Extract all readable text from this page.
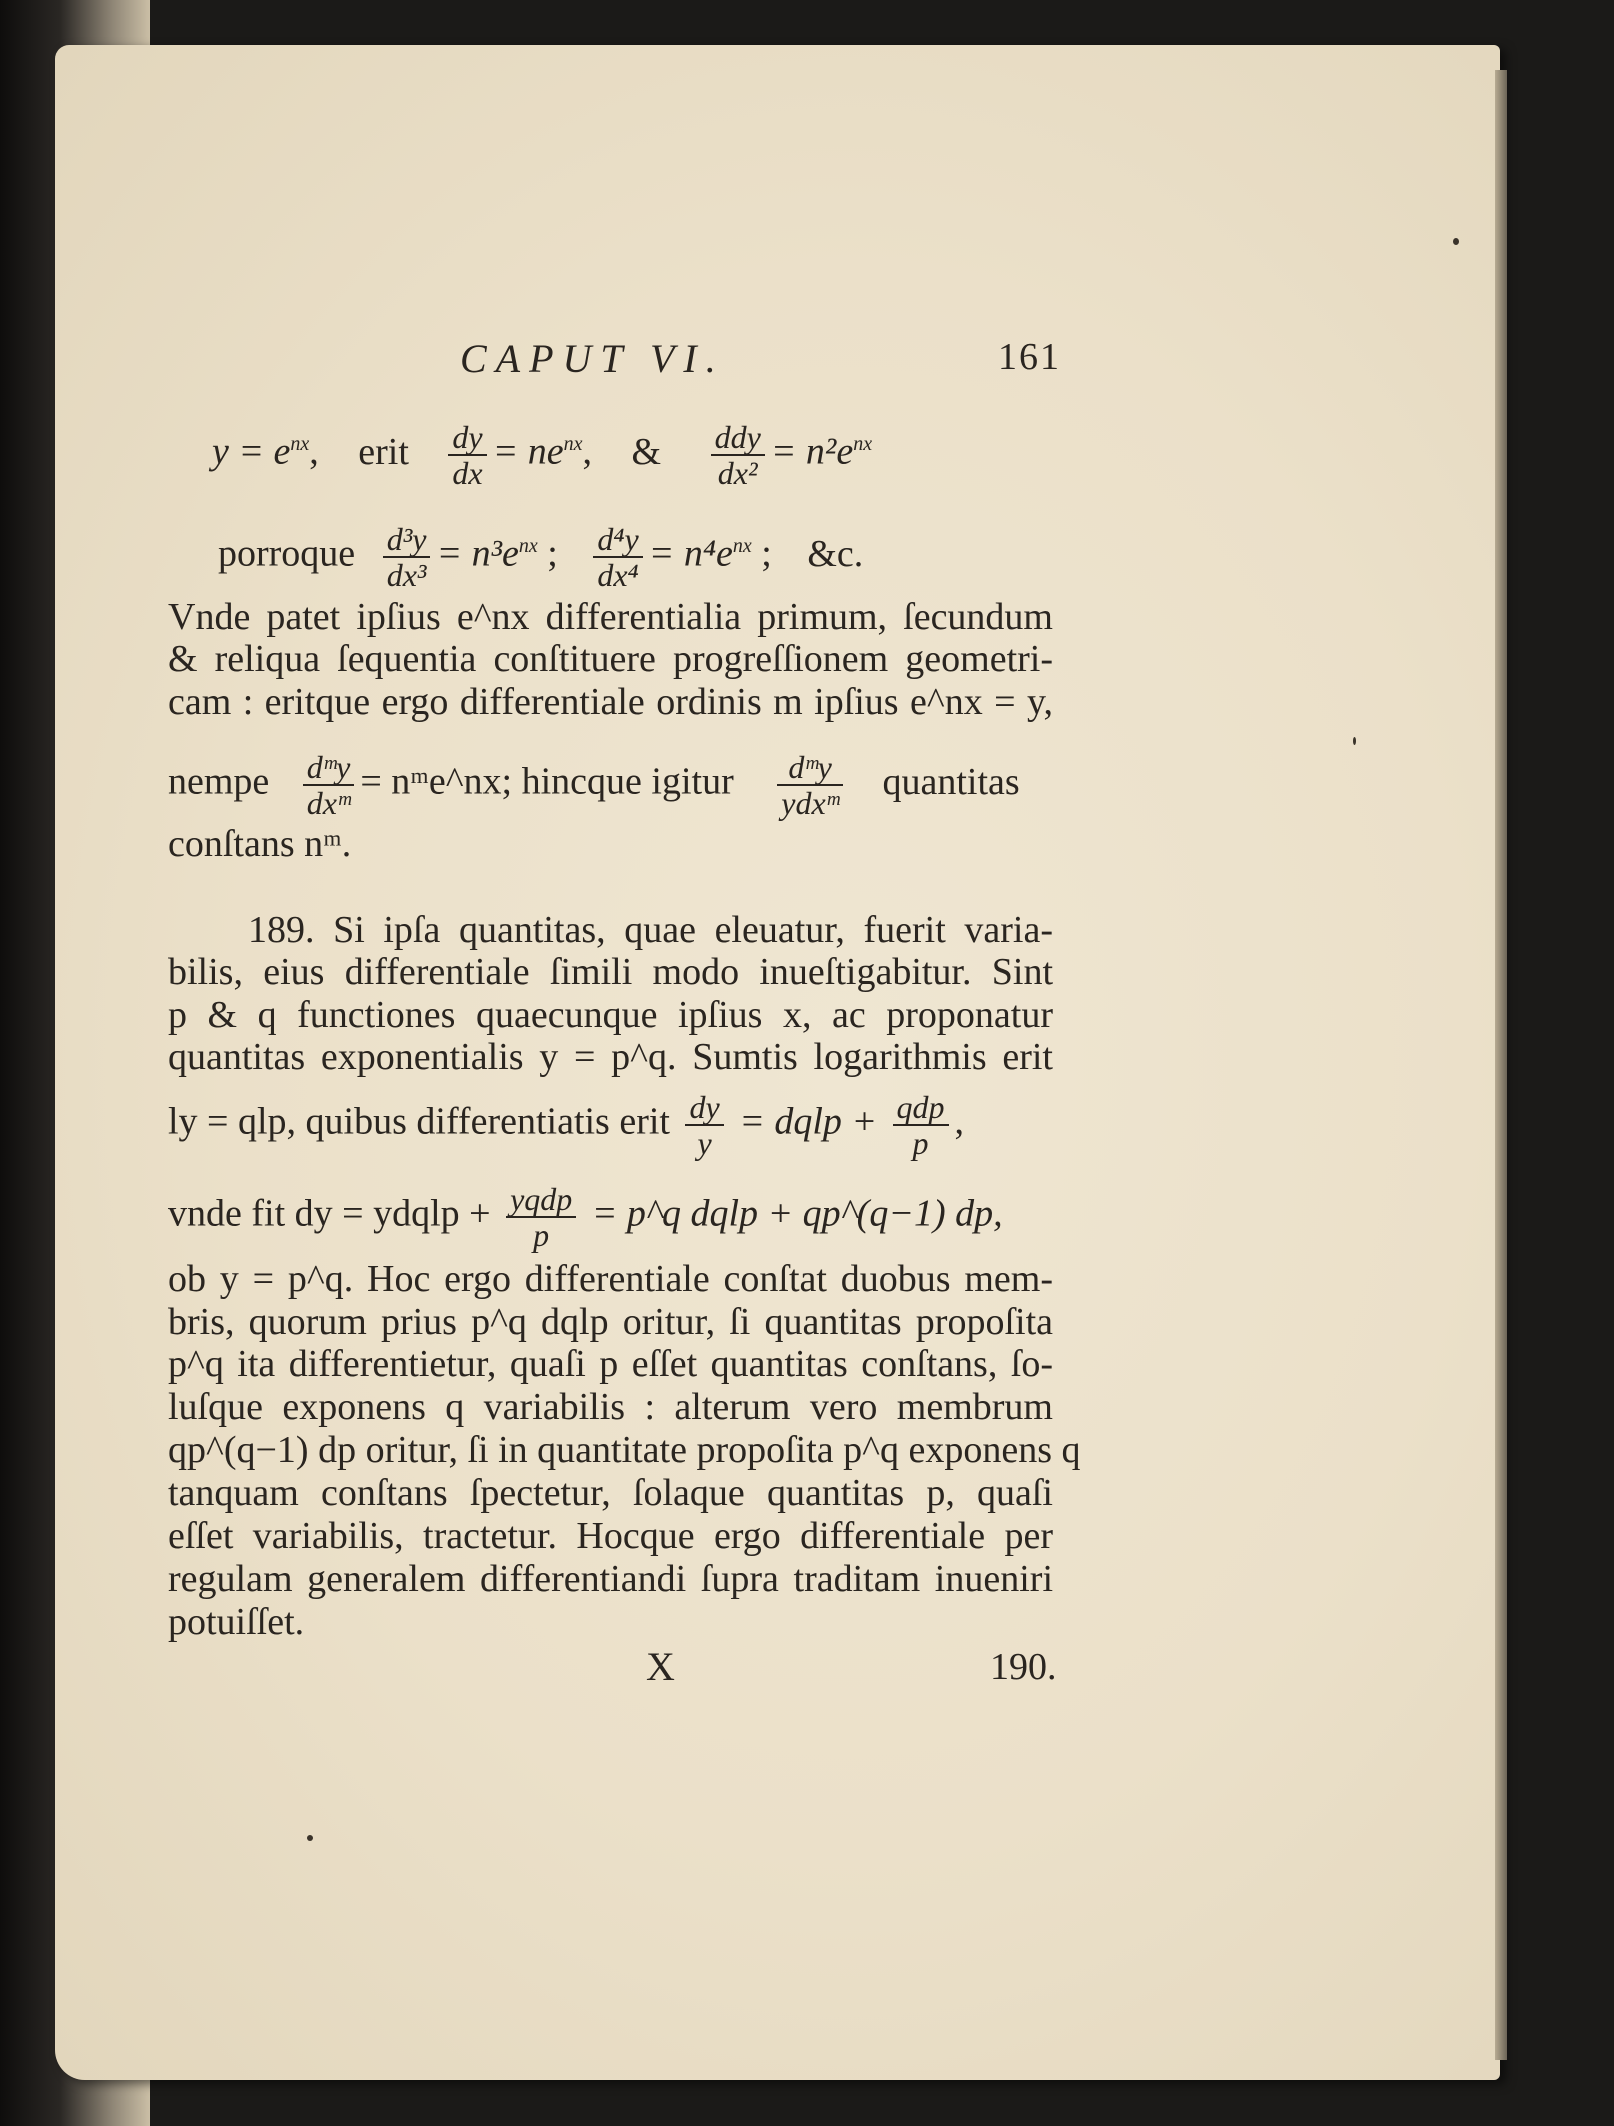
CAPUT VI.	161
$y = e^{nx}$, erit $\frac{dy}{dx} = ne^{nx}$, & $\frac{\text{ddy}}{\text{dx²}} = n^2e^{nx}$
porroque $\frac{\text{d³y}}{\text{dx³}} = n^3e^{nx}$ ; $\frac{\text{d⁴y}}{\text{dx⁴}} = n^4e^{nx}$ ; &c.
Vnde patet ipſius e^nx differentialia primum, ſecundum
& reliqua ſequentia conſtituere progreſſionem geometri-
cam : eritque ergo differentiale ordinis m ipſius e^nx = y,
nempe $\frac{\text{dᵐy}}{\text{dxᵐ}}$ = nᵐe^nx; hincque igitur $\frac{\text{dᵐy}}{\text{ydxᵐ}}$ quantitas
conſtans nᵐ.
189. Si ipſa quantitas, quae eleuatur, fuerit varia-
bilis, eius differentiale ſimili modo inueſtigabitur. Sint
p & q functiones quaecunque ipſius x, ac proponatur
quantitas exponentialis y = p^q. Sumtis logarithmis erit
ly = qlp, quibus differentiatis erit $\frac{dy}{y}$ = dqlp + $\frac{\text{qdp}}{p}$ ,
vnde fit dy = ydqlp + $\frac{\text{yqdp}}{p}$ = p^q dqlp + qp^(q−1) dp,
ob y = p^q. Hoc ergo differentiale conſtat duobus mem-
bris, quorum prius p^q dqlp oritur, ſi quantitas propoſita
p^q ita differentietur, quaſi p eſſet quantitas conſtans, ſo-
luſque exponens q variabilis : alterum vero membrum
qp^(q−1) dp oritur, ſi in quantitate propoſita p^q exponens q
tanquam conſtans ſpectetur, ſolaque quantitas p, quaſi
eſſet variabilis, tractetur. Hocque ergo differentiale per
regulam generalem differentiandi ſupra traditam inueniri
potuiſſet.
X	190.
